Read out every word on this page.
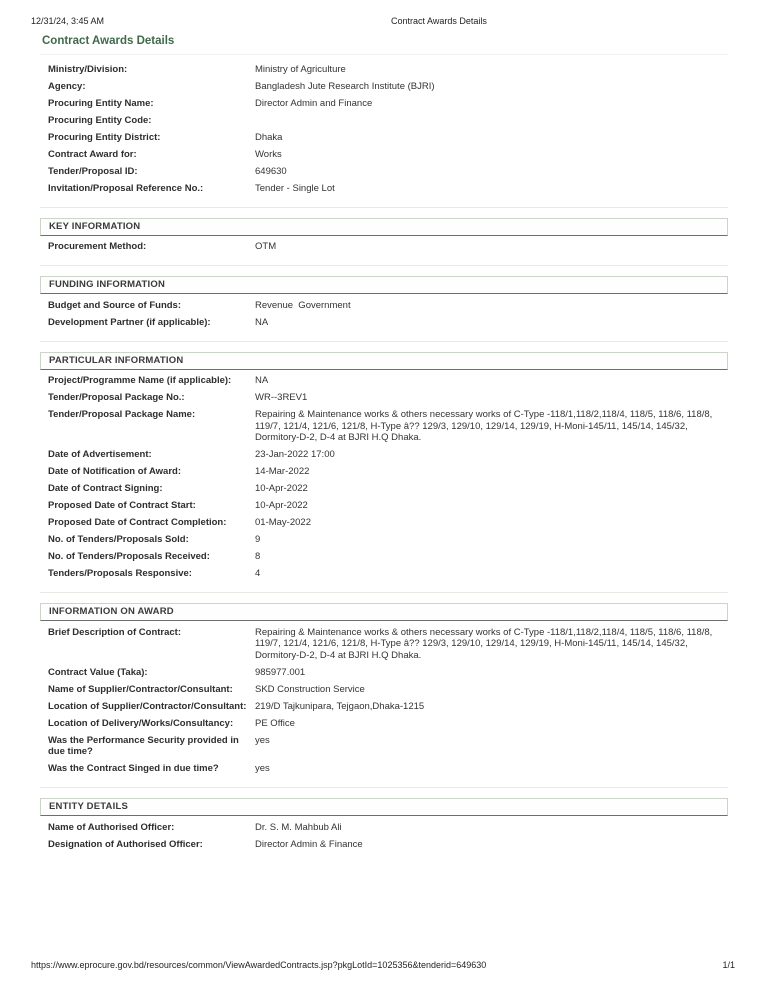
12/31/24, 3:45 AM	Contract Awards Details
Contract Awards Details
Ministry/Division:	Ministry of Agriculture
Agency:	Bangladesh Jute Research Institute (BJRI)
Procuring Entity Name:	Director Admin and Finance
Procuring Entity Code:
Procuring Entity District:	Dhaka
Contract Award for:	Works
Tender/Proposal ID:	649630
Invitation/Proposal Reference No.:	Tender - Single Lot
KEY INFORMATION
Procurement Method:	OTM
FUNDING INFORMATION
Budget and Source of Funds:	Revenue  Government
Development Partner (if applicable):	NA
PARTICULAR INFORMATION
Project/Programme Name (if applicable):	NA
Tender/Proposal Package No.:	WR--3REV1
Tender/Proposal Package Name:	Repairing & Maintenance works & others necessary works of C-Type -118/1,118/2,118/4, 118/5, 118/6, 118/8, 119/7, 121/4, 121/6, 121/8, H-Type â?? 129/3, 129/10, 129/14, 129/19, H-Moni-145/11, 145/14, 145/32, Dormitory-D-2, D-4 at BJRI H.Q Dhaka.
Date of Advertisement:	23-Jan-2022 17:00
Date of Notification of Award:	14-Mar-2022
Date of Contract Signing:	10-Apr-2022
Proposed Date of Contract Start:	10-Apr-2022
Proposed Date of Contract Completion:	01-May-2022
No. of Tenders/Proposals Sold:	9
No. of Tenders/Proposals Received:	8
Tenders/Proposals Responsive:	4
INFORMATION ON AWARD
Brief Description of Contract:	Repairing & Maintenance works & others necessary works of C-Type -118/1,118/2,118/4, 118/5, 118/6, 118/8, 119/7, 121/4, 121/6, 121/8, H-Type â?? 129/3, 129/10, 129/14, 129/19, H-Moni-145/11, 145/14, 145/32, Dormitory-D-2, D-4 at BJRI H.Q Dhaka.
Contract Value (Taka):	985977.001
Name of Supplier/Contractor/Consultant:	SKD Construction Service
Location of Supplier/Contractor/Consultant: 219/D Tajkunipara, Tejgaon,Dhaka-1215
Location of Delivery/Works/Consultancy:	PE Office
Was the Performance Security provided in due time?
yes
Was the Contract Singed in due time?	yes
ENTITY DETAILS
Name of Authorised Officer:	Dr. S. M. Mahbub Ali
Designation of Authorised Officer:	Director Admin & Finance
https://www.eprocure.gov.bd/resources/common/ViewAwardedContracts.jsp?pkgLotId=1025356&tenderid=649630	1/1
